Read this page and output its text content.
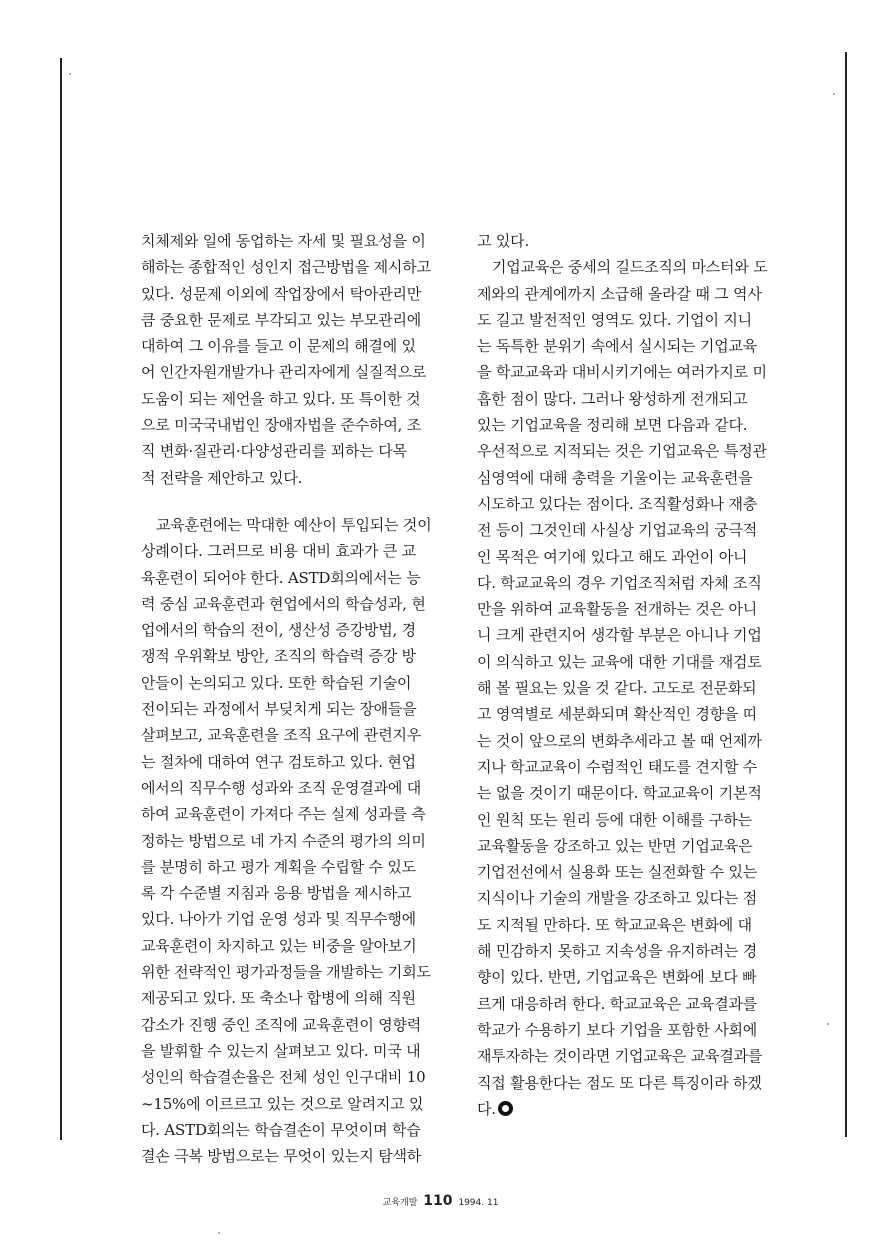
치체제와 일에 동업하는 자세 및 필요성을 이
해하는 종합적인 성인지 접근방법을 제시하고
있다. 성문제 이외에 작업장에서 탁아관리만
큼 중요한 문제로 부각되고 있는 부모관리에
대하여 그 이유를 들고 이 문제의 해결에 있
어 인간자원개발가나 관리자에게 실질적으로
도움이 되는 제언을 하고 있다. 또 특이한 것
으로 미국국내법인 장애자법을 준수하여, 조
직 변화·질관리·다양성관리를 꾀하는 다목
적 전략을 제안하고 있다.
교육훈련에는 막대한 예산이 투입되는 것이
상례이다. 그러므로 비용 대비 효과가 큰 교
육훈련이 되어야 한다. ASTD회의에서는 능
력 중심 교육훈련과 현업에서의 학습성과, 현
업에서의 학습의 전이, 생산성 증강방법, 경
쟁적 우위확보 방안, 조직의 학습력 증강 방
안들이 논의되고 있다. 또한 학습된 기술이
전이되는 과정에서 부딪치게 되는 장애들을
살펴보고, 교육훈련을 조직 요구에 관련지우
는 절차에 대하여 연구 검토하고 있다. 현업
에서의 직무수행 성과와 조직 운영결과에 대
하여 교육훈련이 가져다 주는 실제 성과를 측
정하는 방법으로 네 가지 수준의 평가의 의미
를 분명히 하고 평가 계획을 수립할 수 있도
록 각 수준별 지침과 응용 방법을 제시하고
있다. 나아가 기업 운영 성과 및 직무수행에
교육훈련이 차지하고 있는 비중을 알아보기
위한 전략적인 평가과정들을 개발하는 기회도
제공되고 있다. 또 축소나 합병에 의해 직원
감소가 진행 중인 조직에 교육훈련이 영향력
을 발휘할 수 있는지 살펴보고 있다. 미국 내
성인의 학습결손율은 전체 성인 인구대비 10
~15%에 이르르고 있는 것으로 알려지고 있
다. ASTD회의는 학습결손이 무엇이며 학습
결손 극복 방법으로는 무엇이 있는지 탐색하
고 있다.
기업교육은 중세의 길드조직의 마스터와 도
제와의 관계에까지 소급해 올라갈 때 그 역사
도 길고 발전적인 영역도 있다. 기업이 지니
는 독특한 분위기 속에서 실시되는 기업교육
을 학교교육과 대비시키기에는 여러가지로 미
흡한 점이 많다. 그러나 왕성하게 전개되고
있는 기업교육을 정리해 보면 다음과 같다.
우선적으로 지적되는 것은 기업교육은 특정관
심영역에 대해 총력을 기울이는 교육훈련을
시도하고 있다는 점이다. 조직활성화나 재충
전 등이 그것인데 사실상 기업교육의 궁극적
인 목적은 여기에 있다고 해도 과언이 아니
다. 학교교육의 경우 기업조직처럼 자체 조직
만을 위하여 교육활동을 전개하는 것은 아니
니 크게 관련지어 생각할 부분은 아니나 기업
이 의식하고 있는 교육에 대한 기대를 재검토
해 볼 필요는 있을 것 같다. 고도로 전문화되
고 영역별로 세분화되며 확산적인 경향을 띠
는 것이 앞으로의 변화추세라고 볼 때 언제까
지나 학교교육이 수렴적인 태도를 견지할 수
는 없을 것이기 때문이다. 학교교육이 기본적
인 원칙 또는 원리 등에 대한 이해를 구하는
교육활동을 강조하고 있는 반면 기업교육은
기업전선에서 실용화 또는 실전화할 수 있는
지식이나 기술의 개발을 강조하고 있다는 점
도 지적될 만하다. 또 학교교육은 변화에 대
해 민감하지 못하고 지속성을 유지하려는 경
향이 있다. 반면, 기업교육은 변화에 보다 빠
르게 대응하려 한다. 학교교육은 교육결과를
학교가 수용하기 보다 기업을 포함한 사회에
재투자하는 것이라면 기업교육은 교육결과를
직접 활용한다는 점도 또 다른 특징이라 하겠
다.
교육개발 110 1994. 11
